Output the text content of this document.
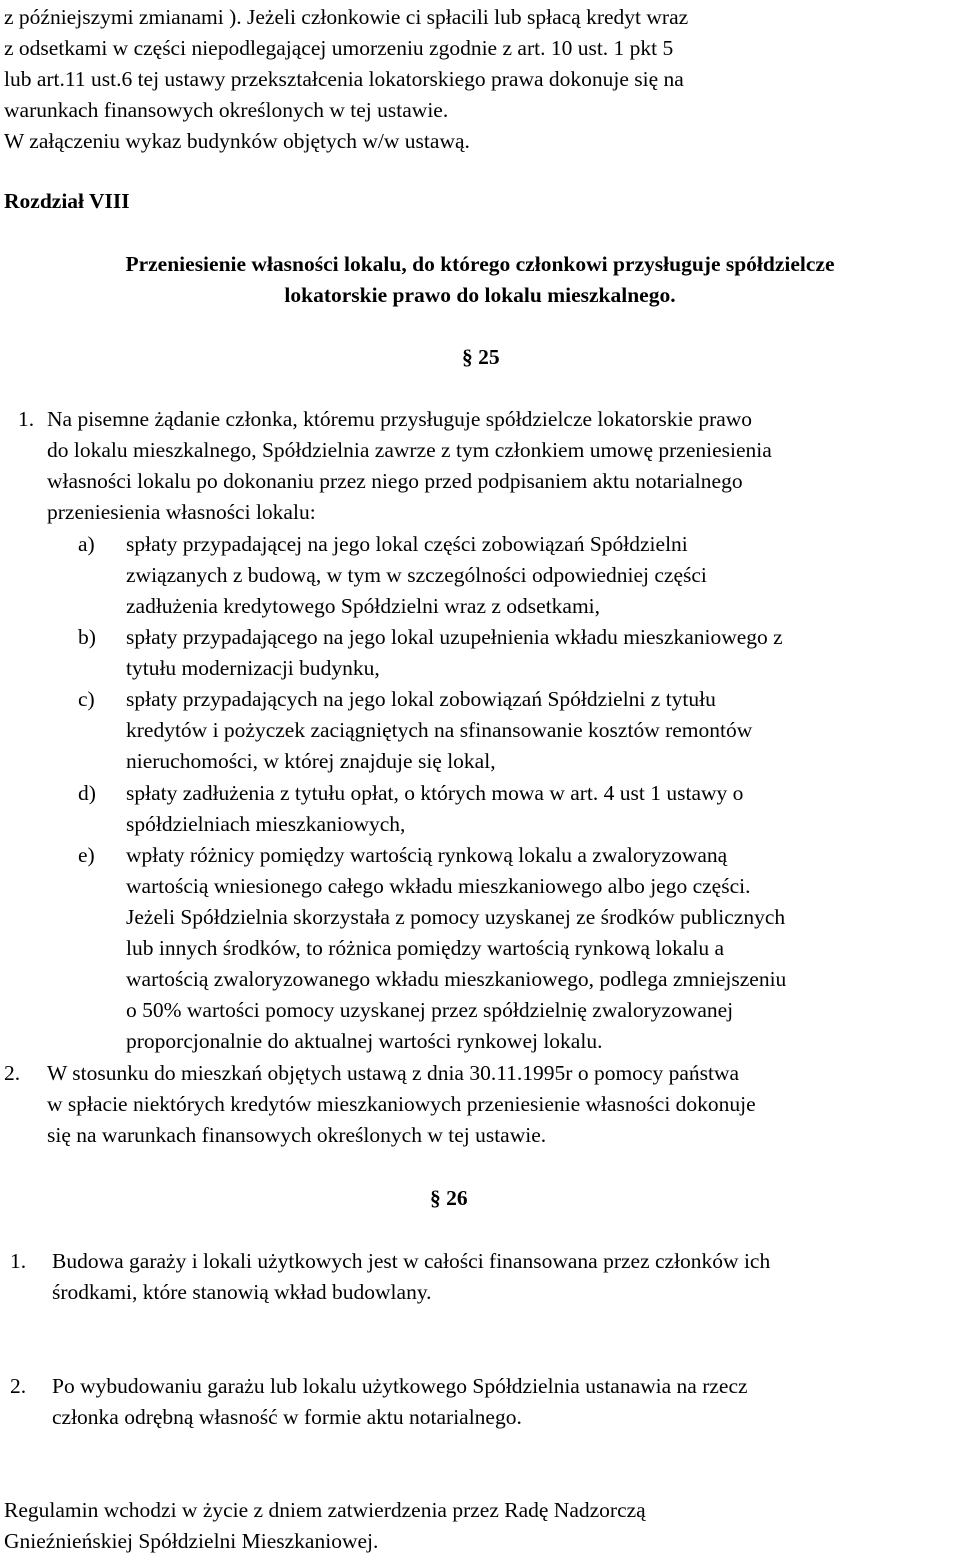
z późniejszymi zmianami ). Jeżeli członkowie ci spłacili lub spłacą kredyt wraz
z odsetkami w części niepodlegającej umorzeniu zgodnie z art. 10 ust. 1 pkt 5
lub art.11 ust.6 tej ustawy przekształcenia lokatorskiego prawa dokonuje się na
warunkach finansowych określonych w tej ustawie.
W załączeniu wykaz budynków objętych w/w ustawą.
Rozdział VIII
Przeniesienie własności lokalu, do którego członkowi przysługuje spółdzielcze
lokatorskie prawo do lokalu mieszkalnego.
§ 25
1. Na pisemne żądanie członka, któremu przysługuje spółdzielcze lokatorskie prawo
do lokalu mieszkalnego, Spółdzielnia zawrze z tym członkiem umowę przeniesienia
własności lokalu po dokonaniu przez niego przed podpisaniem aktu notarialnego
przeniesienia własności lokalu:
a) spłaty przypadającej na jego lokal części zobowiązań Spółdzielni
związanych z budową, w tym w szczególności odpowiedniej części
zadłużenia kredytowego Spółdzielni wraz z odsetkami,
b) spłaty przypadającego na jego lokal uzupełnienia wkładu mieszkaniowego z
tytułu modernizacji budynku,
c) spłaty przypadających na jego lokal zobowiązań Spółdzielni z tytułu
kredytów i pożyczek zaciągniętych na sfinansowanie kosztów remontów
nieruchomości, w której znajduje się lokal,
d) spłaty zadłużenia z tytułu opłat, o których mowa w art. 4 ust 1 ustawy o
spółdzielniach mieszkaniowych,
e) wpłaty różnicy pomiędzy wartością rynkową lokalu a zwaloryzowaną
wartością wniesionego całego wkładu mieszkaniowego albo jego części.
Jeżeli Spółdzielnia skorzystała z pomocy uzyskanej ze środków publicznych
lub innych środków, to różnica pomiędzy wartością rynkową lokalu a
wartością zwaloryzowanego wkładu mieszkaniowego, podlega zmniejszeniu
o 50% wartości pomocy uzyskanej przez spółdzielnię zwaloryzowanej
proporcjonalnie do aktualnej wartości rynkowej lokalu.
2. W stosunku do mieszkań objętych ustawą z dnia 30.11.1995r o pomocy państwa
w spłacie niektórych kredytów mieszkaniowych przeniesienie własności dokonuje
się na warunkach finansowych określonych w tej ustawie.
§ 26
1. Budowa garaży i lokali użytkowych jest w całości finansowana przez członków ich
środkami, które stanowią wkład budowlany.
2. Po wybudowaniu garażu lub lokalu użytkowego Spółdzielnia ustanawia na rzecz
członka odrębną własność w formie aktu notarialnego.
Regulamin wchodzi w życie z dniem zatwierdzenia przez Radę Nadzorczą
Gnieźnieńskiej Spółdzielni Mieszkaniowej.
